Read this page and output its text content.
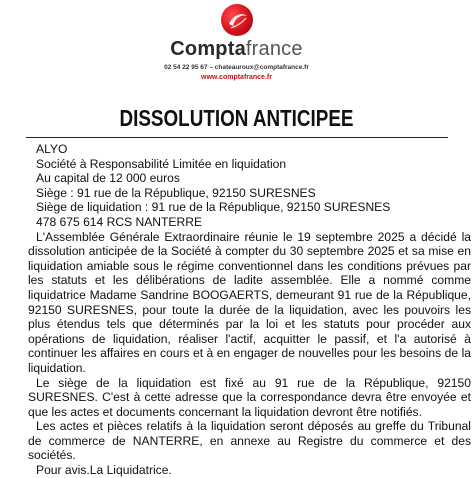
Comptafrance
02 54 22 95 67 – chateauroux@comptafrance.fr
www.comptafrance.fr
DISSOLUTION ANTICIPEE

ALYO

Société à Responsabilité Limitée en liquidation

Au capital de 12 000 euros

Siège : 91 rue de la République, 92150 SURESNES

Siège de liquidation : 91 rue de la République, 92150 SURESNES

478 675 614 RCS NANTERRE

L'Assemblée Générale Extraordinaire réunie le 19 septembre 2025 a décidé la dissolution anticipée de la Société à compter du 30 septembre 2025 et sa mise en liquidation amiable sous le régime conventionnel dans les conditions prévues par les statuts et les délibérations de ladite assemblée. Elle a nommé comme liquidatrice Madame Sandrine BOOGAERTS, demeurant 91 rue de la République, 92150 SURESNES, pour toute la durée de la liquidation, avec les pouvoirs les plus étendus tels que déterminés par la loi et les statuts pour procéder aux opérations de liquidation, réaliser l'actif, acquitter le passif, et l'a autorisé à continuer les affaires en cours et à en engager de nouvelles pour les besoins de la liquidation.

Le siège de la liquidation est fixé au 91 rue de la République, 92150 SURESNES. C'est à cette adresse que la correspondance devra être envoyée et que les actes et documents concernant la liquidation devront être notifiés.

Les actes et pièces relatifs à la liquidation seront déposés au greffe du Tribunal de commerce de NANTERRE, en annexe au Registre du commerce et des sociétés.

Pour avis.La Liquidatrice.
